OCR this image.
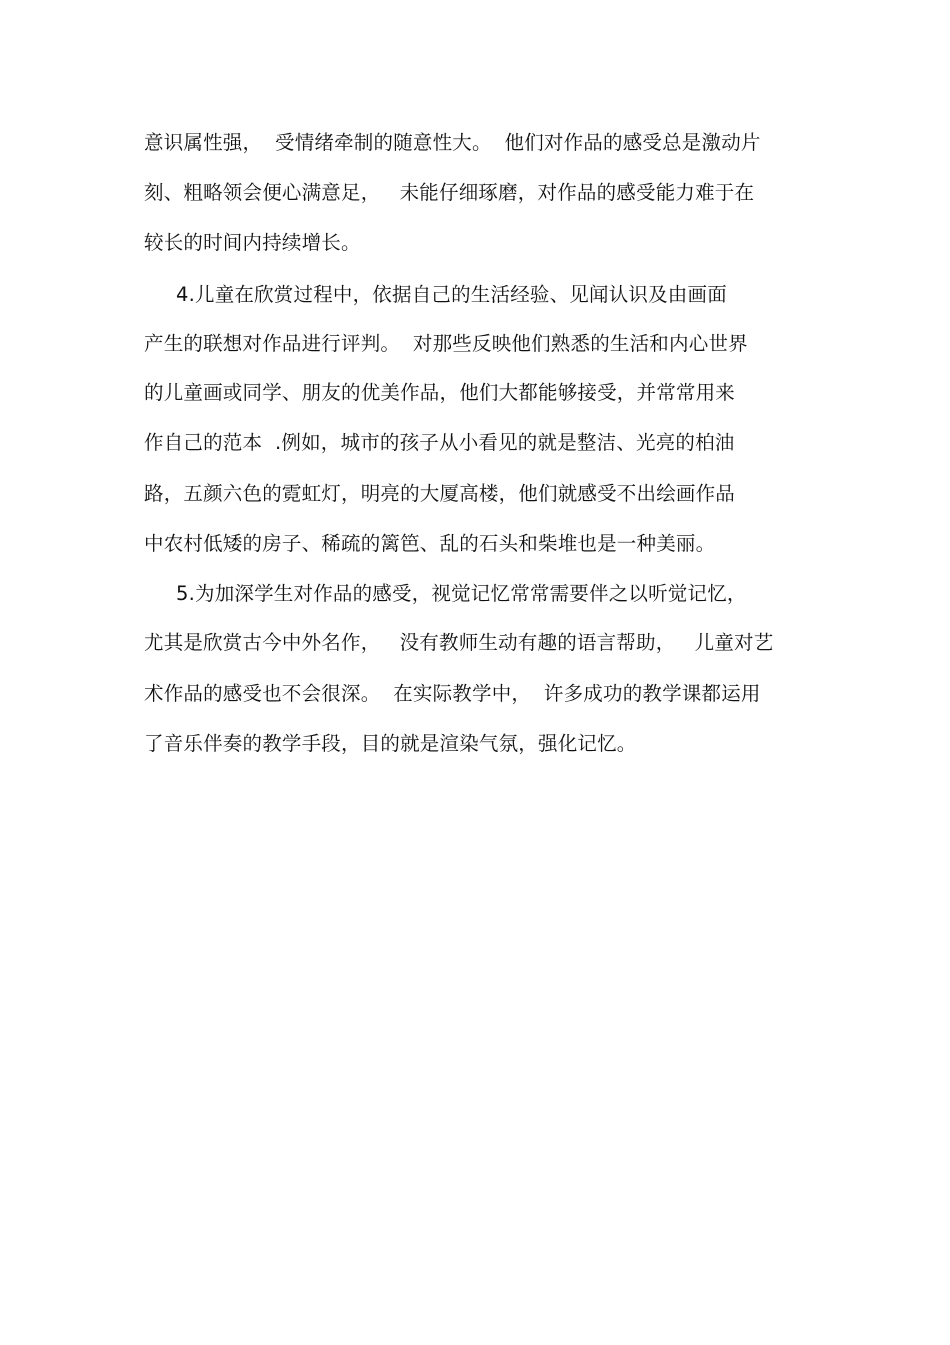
意识属性强，  受情绪牵制的随意性大。  他们对作品的感受总是激动片
刻、粗略领会便心满意足，   未能仔细琢磨，对作品的感受能力难于在
较长的时间内持续增长。
4.儿童在欣赏过程中，依据自己的生活经验、见闻认识及由画面
产生的联想对作品进行评判。  对那些反映他们熟悉的生活和内心世界
的儿童画或同学、朋友的优美作品，他们大都能够接受，并常常用来
作自己的范本  .例如，城市的孩子从小看见的就是整洁、光亮的柏油
路，五颜六色的霓虹灯，明亮的大厦高楼，他们就感受不出绘画作品
中农村低矮的房子、稀疏的篱笆、乱的石头和柴堆也是一种美丽。
5.为加深学生对作品的感受，视觉记忆常常需要伴之以听觉记忆，
尤其是欣赏古今中外名作，   没有教师生动有趣的语言帮助，   儿童对艺
术作品的感受也不会很深。  在实际教学中，  许多成功的教学课都运用
了音乐伴奏的教学手段，目的就是渲染气氛，强化记忆。
